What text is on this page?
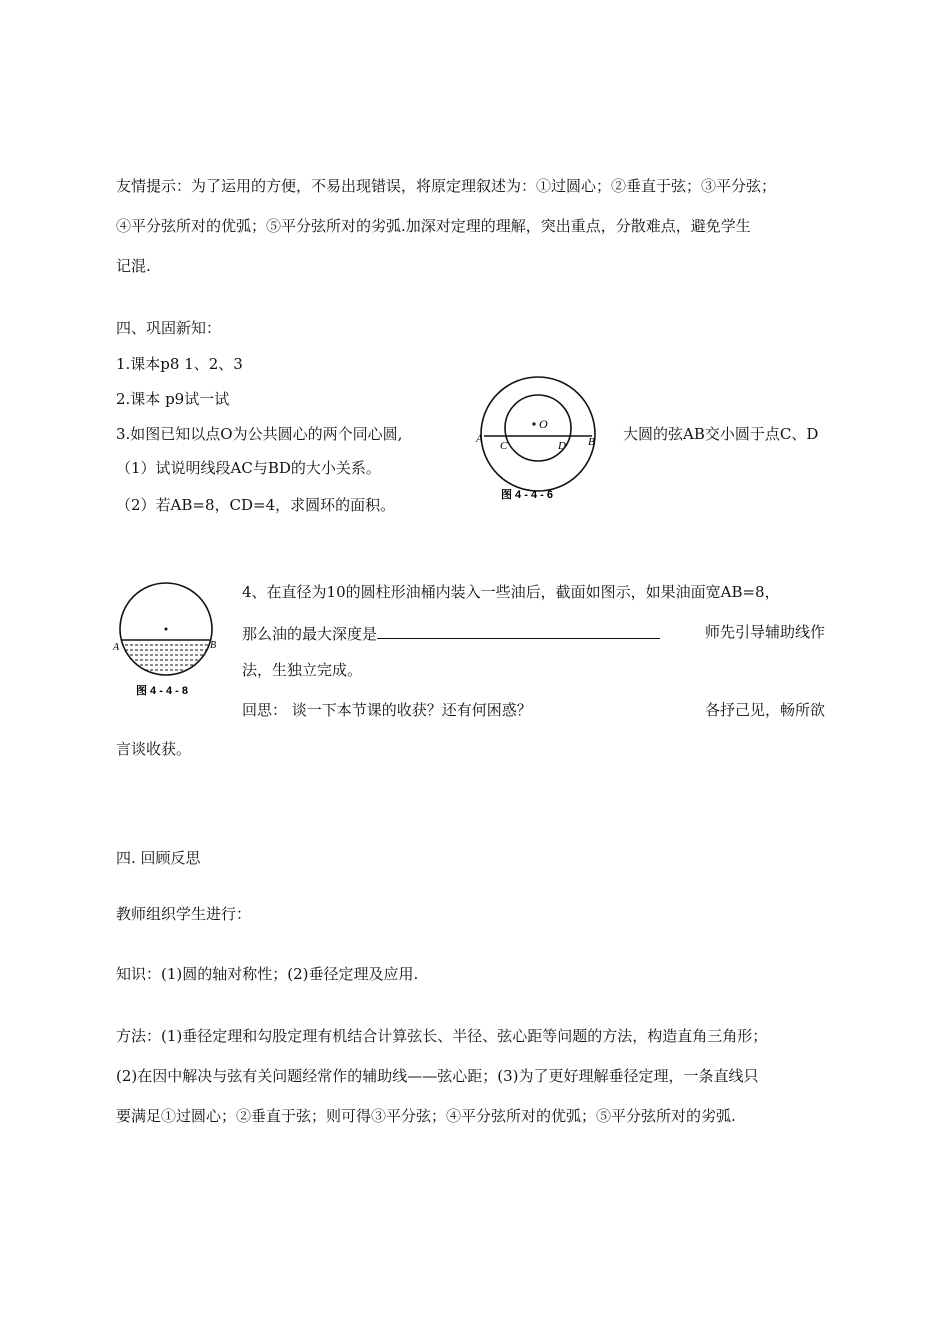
友情提示：为了运用的方便，不易出现错误，将原定理叙述为：①过圆心；②垂直于弦；③平分弦；
④平分弦所对的优弧；⑤平分弦所对的劣弧.加深对定理的理解，突出重点，分散难点，避免学生
记混.
四、巩固新知：
1.课本p8 1、2、3
2.课本 p9试一试
3.如图已知以点O为公共圆心的两个同心圆,	大圆的弦AB交小圆于点C、D
（1）试说明线段AC与BD的大小关系。
（2）若AB=8，CD=4，求圆环的面积。
O
A
C	D B
图 4 - 4 - 6
A	B
图 4 - 4 - 8
4、在直径为10的圆柱形油桶内装入一些油后，截面如图示，如果油面宽AB=8，
那么油的最大深度是	师先引导辅助线作
法，生独立完成。
回思： 谈一下本节课的收获？还有何困惑？	各抒己见，畅所欲
言谈收获。
四. 回顾反思
教师组织学生进行：
知识：(1)圆的轴对称性；(2)垂径定理及应用.
方法：(1)垂径定理和勾股定理有机结合计算弦长、半径、弦心距等问题的方法，构造直角三角形；
(2)在因中解决与弦有关问题经常作的辅助线——弦心距；(3)为了更好理解垂径定理，一条直线只
要满足①过圆心；②垂直于弦；则可得③平分弦；④平分弦所对的优弧；⑤平分弦所对的劣弧.
